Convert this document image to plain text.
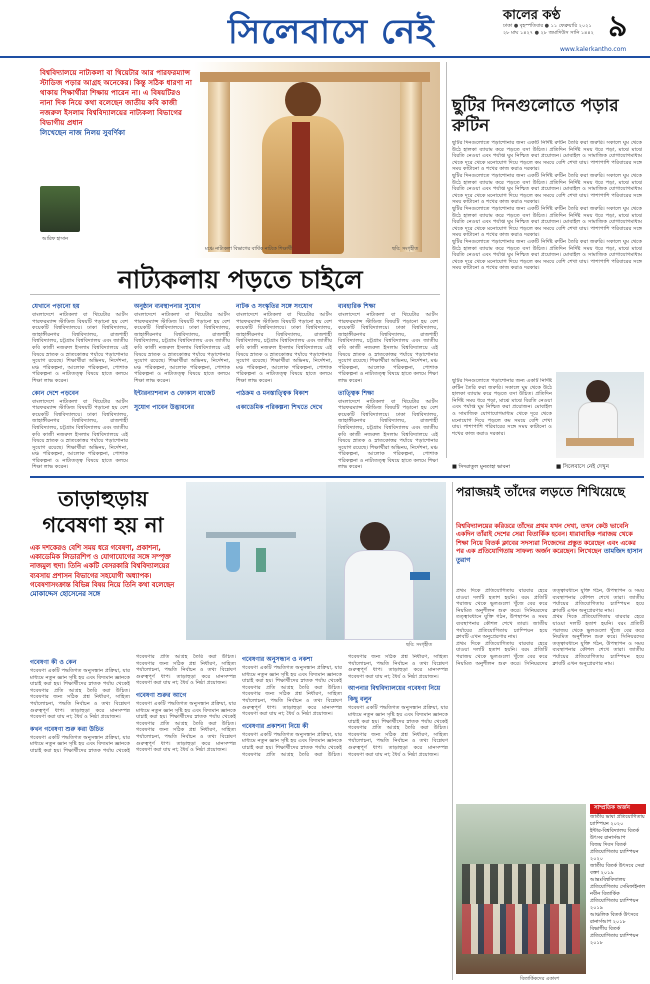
সিলেবাসে নেই	কালের কণ্ঠ
ঢাকা ● বৃহস্পতিবার ● ১১ ফেব্রুয়ারি ২০২১
২৮ মাঘ ১৪২৭ ● ২৮ জমাদিউস সানি ১৪৪২ ৯
www.kalerkantho.com
বিশ্ববিদ্যালয়ে নাট্যকলা বা থিয়েটার আর পারফরম্যান্স স্টাডিজ পড়ার আগ্রহ অনেকের। কিন্তু সঠিক ধারণা না থাকায় শিক্ষার্থীরা শিক্ষায় পারেন না। এ বিষয়টিরও নানা দিক নিয়ে কথা বলেছেন জাতীয় কবি কাজী নজরুল ইসলাম বিশ্ববিদ্যালয়ের নাট্যকলা বিভাগের বিভাগীয় প্রধান
লিখেছেন নাজ নিলয় সুবর্ণিকা
আরিফ হাসান
মঞ্চে নাট্যকলা বিভাগের বার্ষিক নাটকে শিক্ষার্থী	ছবি: সংগৃহীত
নাট্যকলায় পড়তে চাইলে
যেখানে পড়ানো হয়
বাংলাদেশে নাট্যকলা বা থিয়েটার আর্টস পারফরম্যান্স স্টাডিজ বিষয়টি পড়ানো হয় বেশ কয়েকটি বিশ্ববিদ্যালয়ে। ঢাকা বিশ্ববিদ্যালয়, জাহাঙ্গীরনগর বিশ্ববিদ্যালয়, রাজশাহী বিশ্ববিদ্যালয়, চট্টগ্রাম বিশ্ববিদ্যালয় এবং জাতীয় কবি কাজী নজরুল ইসলাম বিশ্ববিদ্যালয়ে এই বিষয়ে স্নাতক ও স্নাতকোত্তর পর্যায়ে পড়াশোনার সুযোগ রয়েছে। শিক্ষার্থীরা অভিনয়, নির্দেশনা, মঞ্চ পরিকল্পনা, আলোক পরিকল্পনা, পোশাক পরিকল্পনা ও নাট্যতত্ত্ব বিষয়ে হাতে কলমে শিক্ষা লাভ করেন।
কোন দেশে পড়বেন
বাংলাদেশে নাট্যকলা বা থিয়েটার আর্টস পারফরম্যান্স স্টাডিজ বিষয়টি পড়ানো হয় বেশ কয়েকটি বিশ্ববিদ্যালয়ে। ঢাকা বিশ্ববিদ্যালয়, জাহাঙ্গীরনগর বিশ্ববিদ্যালয়, রাজশাহী বিশ্ববিদ্যালয়, চট্টগ্রাম বিশ্ববিদ্যালয় এবং জাতীয় কবি কাজী নজরুল ইসলাম বিশ্ববিদ্যালয়ে এই বিষয়ে স্নাতক ও স্নাতকোত্তর পর্যায়ে পড়াশোনার সুযোগ রয়েছে। শিক্ষার্থীরা অভিনয়, নির্দেশনা, মঞ্চ পরিকল্পনা, আলোক পরিকল্পনা, পোশাক পরিকল্পনা ও নাট্যতত্ত্ব বিষয়ে হাতে কলমে শিক্ষা লাভ করেন।
অনুষ্ঠান ব্যবস্থাপনার সুযোগ
বাংলাদেশে নাট্যকলা বা থিয়েটার আর্টস পারফরম্যান্স স্টাডিজ বিষয়টি পড়ানো হয় বেশ কয়েকটি বিশ্ববিদ্যালয়ে। ঢাকা বিশ্ববিদ্যালয়, জাহাঙ্গীরনগর বিশ্ববিদ্যালয়, রাজশাহী বিশ্ববিদ্যালয়, চট্টগ্রাম বিশ্ববিদ্যালয় এবং জাতীয় কবি কাজী নজরুল ইসলাম বিশ্ববিদ্যালয়ে এই বিষয়ে স্নাতক ও স্নাতকোত্তর পর্যায়ে পড়াশোনার সুযোগ রয়েছে। শিক্ষার্থীরা অভিনয়, নির্দেশনা, মঞ্চ পরিকল্পনা, আলোক পরিকল্পনা, পোশাক পরিকল্পনা ও নাট্যতত্ত্ব বিষয়ে হাতে কলমে শিক্ষা লাভ করেন।
ইন্টারন্যাশনাল ও ফোকাস বাজেট
সুযোগ পাবেন উদ্ভাবনের
নাটক ও সংস্কৃতির সঙ্গে সংযোগ
বাংলাদেশে নাট্যকলা বা থিয়েটার আর্টস পারফরম্যান্স স্টাডিজ বিষয়টি পড়ানো হয় বেশ কয়েকটি বিশ্ববিদ্যালয়ে। ঢাকা বিশ্ববিদ্যালয়, জাহাঙ্গীরনগর বিশ্ববিদ্যালয়, রাজশাহী বিশ্ববিদ্যালয়, চট্টগ্রাম বিশ্ববিদ্যালয় এবং জাতীয় কবি কাজী নজরুল ইসলাম বিশ্ববিদ্যালয়ে এই বিষয়ে স্নাতক ও স্নাতকোত্তর পর্যায়ে পড়াশোনার সুযোগ রয়েছে। শিক্ষার্থীরা অভিনয়, নির্দেশনা, মঞ্চ পরিকল্পনা, আলোক পরিকল্পনা, পোশাক পরিকল্পনা ও নাট্যতত্ত্ব বিষয়ে হাতে কলমে শিক্ষা লাভ করেন।
পাঠক্রম ও মনস্তাত্ত্বিক বিকাশ
একাডেমিক পরিকল্পনা শিখতে দেখে
ব্যবহারিক শিক্ষা
বাংলাদেশে নাট্যকলা বা থিয়েটার আর্টস পারফরম্যান্স স্টাডিজ বিষয়টি পড়ানো হয় বেশ কয়েকটি বিশ্ববিদ্যালয়ে। ঢাকা বিশ্ববিদ্যালয়, জাহাঙ্গীরনগর বিশ্ববিদ্যালয়, রাজশাহী বিশ্ববিদ্যালয়, চট্টগ্রাম বিশ্ববিদ্যালয় এবং জাতীয় কবি কাজী নজরুল ইসলাম বিশ্ববিদ্যালয়ে এই বিষয়ে স্নাতক ও স্নাতকোত্তর পর্যায়ে পড়াশোনার সুযোগ রয়েছে। শিক্ষার্থীরা অভিনয়, নির্দেশনা, মঞ্চ পরিকল্পনা, আলোক পরিকল্পনা, পোশাক পরিকল্পনা ও নাট্যতত্ত্ব বিষয়ে হাতে কলমে শিক্ষা লাভ করেন।
তাত্ত্বিক শিক্ষা
বাংলাদেশে নাট্যকলা বা থিয়েটার আর্টস পারফরম্যান্স স্টাডিজ বিষয়টি পড়ানো হয় বেশ কয়েকটি বিশ্ববিদ্যালয়ে। ঢাকা বিশ্ববিদ্যালয়, জাহাঙ্গীরনগর বিশ্ববিদ্যালয়, রাজশাহী বিশ্ববিদ্যালয়, চট্টগ্রাম বিশ্ববিদ্যালয় এবং জাতীয় কবি কাজী নজরুল ইসলাম বিশ্ববিদ্যালয়ে এই বিষয়ে স্নাতক ও স্নাতকোত্তর পর্যায়ে পড়াশোনার সুযোগ রয়েছে। শিক্ষার্থীরা অভিনয়, নির্দেশনা, মঞ্চ পরিকল্পনা, আলোক পরিকল্পনা, পোশাক পরিকল্পনা ও নাট্যতত্ত্ব বিষয়ে হাতে কলমে শিক্ষা লাভ করেন।
ছুটির দিনগুলোতে পড়ার রুটিন
ছুটির দিনগুলোতে পড়াশোনার জন্য একটি নির্দিষ্ট রুটিন তৈরি করা জরুরি। সকালে ঘুম থেকে উঠে হালকা ব্যায়াম করে পড়তে বসা উচিত। প্রতিদিন নির্দিষ্ট সময় ধরে পড়া, মাঝে মাঝে বিরতি নেওয়া এবং পর্যাপ্ত ঘুম নিশ্চিত করা প্রয়োজন। মোবাইল ও সামাজিক যোগাযোগমাধ্যম থেকে দূরে থেকে মনোযোগ দিয়ে পড়লে কম সময়ে বেশি শেখা যায়। পাশাপাশি পরিবারের সঙ্গে সময় কাটানো ও শখের কাজ করাও দরকার।
ছুটির দিনগুলোতে পড়াশোনার জন্য একটি নির্দিষ্ট রুটিন তৈরি করা জরুরি। সকালে ঘুম থেকে উঠে হালকা ব্যায়াম করে পড়তে বসা উচিত। প্রতিদিন নির্দিষ্ট সময় ধরে পড়া, মাঝে মাঝে বিরতি নেওয়া এবং পর্যাপ্ত ঘুম নিশ্চিত করা প্রয়োজন। মোবাইল ও সামাজিক যোগাযোগমাধ্যম থেকে দূরে থেকে মনোযোগ দিয়ে পড়লে কম সময়ে বেশি শেখা যায়। পাশাপাশি পরিবারের সঙ্গে সময় কাটানো ও শখের কাজ করাও দরকার।
ছুটির দিনগুলোতে পড়াশোনার জন্য একটি নির্দিষ্ট রুটিন তৈরি করা জরুরি। সকালে ঘুম থেকে উঠে হালকা ব্যায়াম করে পড়তে বসা উচিত। প্রতিদিন নির্দিষ্ট সময় ধরে পড়া, মাঝে মাঝে বিরতি নেওয়া এবং পর্যাপ্ত ঘুম নিশ্চিত করা প্রয়োজন। মোবাইল ও সামাজিক যোগাযোগমাধ্যম থেকে দূরে থেকে মনোযোগ দিয়ে পড়লে কম সময়ে বেশি শেখা যায়। পাশাপাশি পরিবারের সঙ্গে সময় কাটানো ও শখের কাজ করাও দরকার।
ছুটির দিনগুলোতে পড়াশোনার জন্য একটি নির্দিষ্ট রুটিন তৈরি করা জরুরি। সকালে ঘুম থেকে উঠে হালকা ব্যায়াম করে পড়তে বসা উচিত। প্রতিদিন নির্দিষ্ট সময় ধরে পড়া, মাঝে মাঝে বিরতি নেওয়া এবং পর্যাপ্ত ঘুম নিশ্চিত করা প্রয়োজন। মোবাইল ও সামাজিক যোগাযোগমাধ্যম থেকে দূরে থেকে মনোযোগ দিয়ে পড়লে কম সময়ে বেশি শেখা যায়। পাশাপাশি পরিবারের সঙ্গে সময় কাটানো ও শখের কাজ করাও দরকার।
ছুটির দিনগুলোতে পড়াশোনার জন্য একটি নির্দিষ্ট রুটিন তৈরি করা জরুরি। সকালে ঘুম থেকে উঠে হালকা ব্যায়াম করে পড়তে বসা উচিত। প্রতিদিন নির্দিষ্ট সময় ধরে পড়া, মাঝে মাঝে বিরতি নেওয়া এবং পর্যাপ্ত ঘুম নিশ্চিত করা প্রয়োজন। মোবাইল ও সামাজিক যোগাযোগমাধ্যম থেকে দূরে থেকে মনোযোগ দিয়ে পড়লে কম সময়ে বেশি শেখা যায়। পাশাপাশি পরিবারের সঙ্গে সময় কাটানো ও শখের কাজ করাও দরকার।
■ সিলেবাসে নেই দেখুন
■ সিদরাতুল মুনতাহা ভাবনা
তাড়াহুড়ায় গবেষণা হয় না
এক দশকেরও বেশি সময় ধরে গবেষণা, প্রকাশনা, একাডেমিক লিডারশিপ ও যোগাযোগের সঙ্গে সম্পৃক্ত নাজমুল হুদা। তিনি একটি বেসরকারি বিশ্ববিদ্যালয়ের ব্যবসায় প্রশাসন বিভাগের সহযোগী অধ্যাপক। গবেষণাসংক্রান্ত বিভিন্ন বিষয় নিয়ে তিনি কথা বলেছেন মোকাদ্দেস হোসেনের সঙ্গে
ছবি: সংগৃহীত
গবেষণা কী ও কেন
গবেষণা একটি পদ্ধতিগত অনুসন্ধান প্রক্রিয়া, যার মাধ্যমে নতুন জ্ঞান সৃষ্টি হয় এবং বিদ্যমান জ্ঞানকে যাচাই করা হয়। শিক্ষার্থীদের স্নাতক পর্যায় থেকেই গবেষণার প্রতি আগ্রহ তৈরি করা উচিত। গবেষণার জন্য সঠিক প্রশ্ন নির্ধারণ, সাহিত্য পর্যালোচনা, পদ্ধতি নির্বাচন ও তথ্য বিশ্লেষণ গুরুত্বপূর্ণ ধাপ। তাড়াহুড়া করে মানসম্পন্ন গবেষণা করা যায় না; ধৈর্য ও নিষ্ঠা প্রয়োজন।
কখন গবেষণা শুরু করা উচিত
গবেষণা একটি পদ্ধতিগত অনুসন্ধান প্রক্রিয়া, যার মাধ্যমে নতুন জ্ঞান সৃষ্টি হয় এবং বিদ্যমান জ্ঞানকে যাচাই করা হয়। শিক্ষার্থীদের স্নাতক পর্যায় থেকেই গবেষণার প্রতি আগ্রহ তৈরি করা উচিত। গবেষণার জন্য সঠিক প্রশ্ন নির্ধারণ, সাহিত্য পর্যালোচনা, পদ্ধতি নির্বাচন ও তথ্য বিশ্লেষণ গুরুত্বপূর্ণ ধাপ। তাড়াহুড়া করে মানসম্পন্ন গবেষণা করা যায় না; ধৈর্য ও নিষ্ঠা প্রয়োজন।
গবেষণা শুরুর আগে
গবেষণা একটি পদ্ধতিগত অনুসন্ধান প্রক্রিয়া, যার মাধ্যমে নতুন জ্ঞান সৃষ্টি হয় এবং বিদ্যমান জ্ঞানকে যাচাই করা হয়। শিক্ষার্থীদের স্নাতক পর্যায় থেকেই গবেষণার প্রতি আগ্রহ তৈরি করা উচিত। গবেষণার জন্য সঠিক প্রশ্ন নির্ধারণ, সাহিত্য পর্যালোচনা, পদ্ধতি নির্বাচন ও তথ্য বিশ্লেষণ গুরুত্বপূর্ণ ধাপ। তাড়াহুড়া করে মানসম্পন্ন গবেষণা করা যায় না; ধৈর্য ও নিষ্ঠা প্রয়োজন।
গবেষণার অনুসন্ধান ও নকশা
গবেষণা একটি পদ্ধতিগত অনুসন্ধান প্রক্রিয়া, যার মাধ্যমে নতুন জ্ঞান সৃষ্টি হয় এবং বিদ্যমান জ্ঞানকে যাচাই করা হয়। শিক্ষার্থীদের স্নাতক পর্যায় থেকেই গবেষণার প্রতি আগ্রহ তৈরি করা উচিত। গবেষণার জন্য সঠিক প্রশ্ন নির্ধারণ, সাহিত্য পর্যালোচনা, পদ্ধতি নির্বাচন ও তথ্য বিশ্লেষণ গুরুত্বপূর্ণ ধাপ। তাড়াহুড়া করে মানসম্পন্ন গবেষণা করা যায় না; ধৈর্য ও নিষ্ঠা প্রয়োজন।
গবেষণার প্রকাশনা নিয়ে কী
গবেষণা একটি পদ্ধতিগত অনুসন্ধান প্রক্রিয়া, যার মাধ্যমে নতুন জ্ঞান সৃষ্টি হয় এবং বিদ্যমান জ্ঞানকে যাচাই করা হয়। শিক্ষার্থীদের স্নাতক পর্যায় থেকেই গবেষণার প্রতি আগ্রহ তৈরি করা উচিত। গবেষণার জন্য সঠিক প্রশ্ন নির্ধারণ, সাহিত্য পর্যালোচনা, পদ্ধতি নির্বাচন ও তথ্য বিশ্লেষণ গুরুত্বপূর্ণ ধাপ। তাড়াহুড়া করে মানসম্পন্ন গবেষণা করা যায় না; ধৈর্য ও নিষ্ঠা প্রয়োজন।
আপনার বিশ্ববিদ্যালয়ের গবেষণা নিয়ে কিছু বলুন
গবেষণা একটি পদ্ধতিগত অনুসন্ধান প্রক্রিয়া, যার মাধ্যমে নতুন জ্ঞান সৃষ্টি হয় এবং বিদ্যমান জ্ঞানকে যাচাই করা হয়। শিক্ষার্থীদের স্নাতক পর্যায় থেকেই গবেষণার প্রতি আগ্রহ তৈরি করা উচিত। গবেষণার জন্য সঠিক প্রশ্ন নির্ধারণ, সাহিত্য পর্যালোচনা, পদ্ধতি নির্বাচন ও তথ্য বিশ্লেষণ গুরুত্বপূর্ণ ধাপ। তাড়াহুড়া করে মানসম্পন্ন গবেষণা করা যায় না; ধৈর্য ও নিষ্ঠা প্রয়োজন।
পরাজয়ই তাঁদের লড়তে শিখিয়েছে
বিশ্ববিদ্যালয়ের করিডরে তাঁদের প্রথম যখন দেখা, তখন কেউ ভাবেনি একদিন তাঁরাই দেশের সেরা বিতার্কিক হবেন। ধারাবাহিক পরাজয় থেকে শিক্ষা নিয়ে বিতর্ক ক্লাবের সদস্যরা নিজেদের প্রস্তুত করেছেন এবং একের পর এক প্রতিযোগিতায় সাফল্য অর্জন করেছেন। লিখেছেন তামজিদ হাসান তুরাগ
প্রথম দিকে প্রতিযোগিতায় বারবার হেরে যাওয়া দলটি হতাশ হয়নি। বরং প্রতিটি পরাজয় থেকে ভুলগুলো খুঁজে বের করে নিয়মিত অনুশীলন শুরু করে। সিনিয়রদের তত্ত্বাবধানে যুক্তি গঠন, উপস্থাপন ও সময় ব্যবস্থাপনার কৌশল শেখে তারা। জাতীয় পর্যায়ের প্রতিযোগিতায় চ্যাম্পিয়ন হয়ে ক্লাবটি এখন অনুপ্রেরণার নাম।
প্রথম দিকে প্রতিযোগিতায় বারবার হেরে যাওয়া দলটি হতাশ হয়নি। বরং প্রতিটি পরাজয় থেকে ভুলগুলো খুঁজে বের করে নিয়মিত অনুশীলন শুরু করে। সিনিয়রদের তত্ত্বাবধানে যুক্তি গঠন, উপস্থাপন ও সময় ব্যবস্থাপনার কৌশল শেখে তারা। জাতীয় পর্যায়ের প্রতিযোগিতায় চ্যাম্পিয়ন হয়ে ক্লাবটি এখন অনুপ্রেরণার নাম।
প্রথম দিকে প্রতিযোগিতায় বারবার হেরে যাওয়া দলটি হতাশ হয়নি। বরং প্রতিটি পরাজয় থেকে ভুলগুলো খুঁজে বের করে নিয়মিত অনুশীলন শুরু করে। সিনিয়রদের তত্ত্বাবধানে যুক্তি গঠন, উপস্থাপন ও সময় ব্যবস্থাপনার কৌশল শেখে তারা। জাতীয় পর্যায়ের প্রতিযোগিতায় চ্যাম্পিয়ন হয়ে ক্লাবটি এখন অনুপ্রেরণার নাম।
বিতার্কিকদের একাংশ
সাম্প্রতিক অর্জন
জাতীয় ভাষা প্রতিযোগিতায় চ্যাম্পিয়ন ২০২০
ইন্টার-বিশ্ববিদ্যালয় বিতর্ক উৎসব রানার্সআপ
বিজয় দিবস বিতর্ক প্রতিযোগিতায় চ্যাম্পিয়ন ২০২০
জাতীয় বিতর্ক উৎসবে সেরা বক্তা ২০১৯
আন্তঃবিশ্ববিদ্যালয় প্রতিযোগিতায় সেমিফাইনাল
নবীন বিতার্কিক প্রতিযোগিতায় চ্যাম্পিয়ন ২০১৯
আঞ্চলিক বিতর্ক উৎসবে রানার্সআপ ২০১৮
বিভাগীয় বিতর্ক প্রতিযোগিতায় চ্যাম্পিয়ন ২০১৮
